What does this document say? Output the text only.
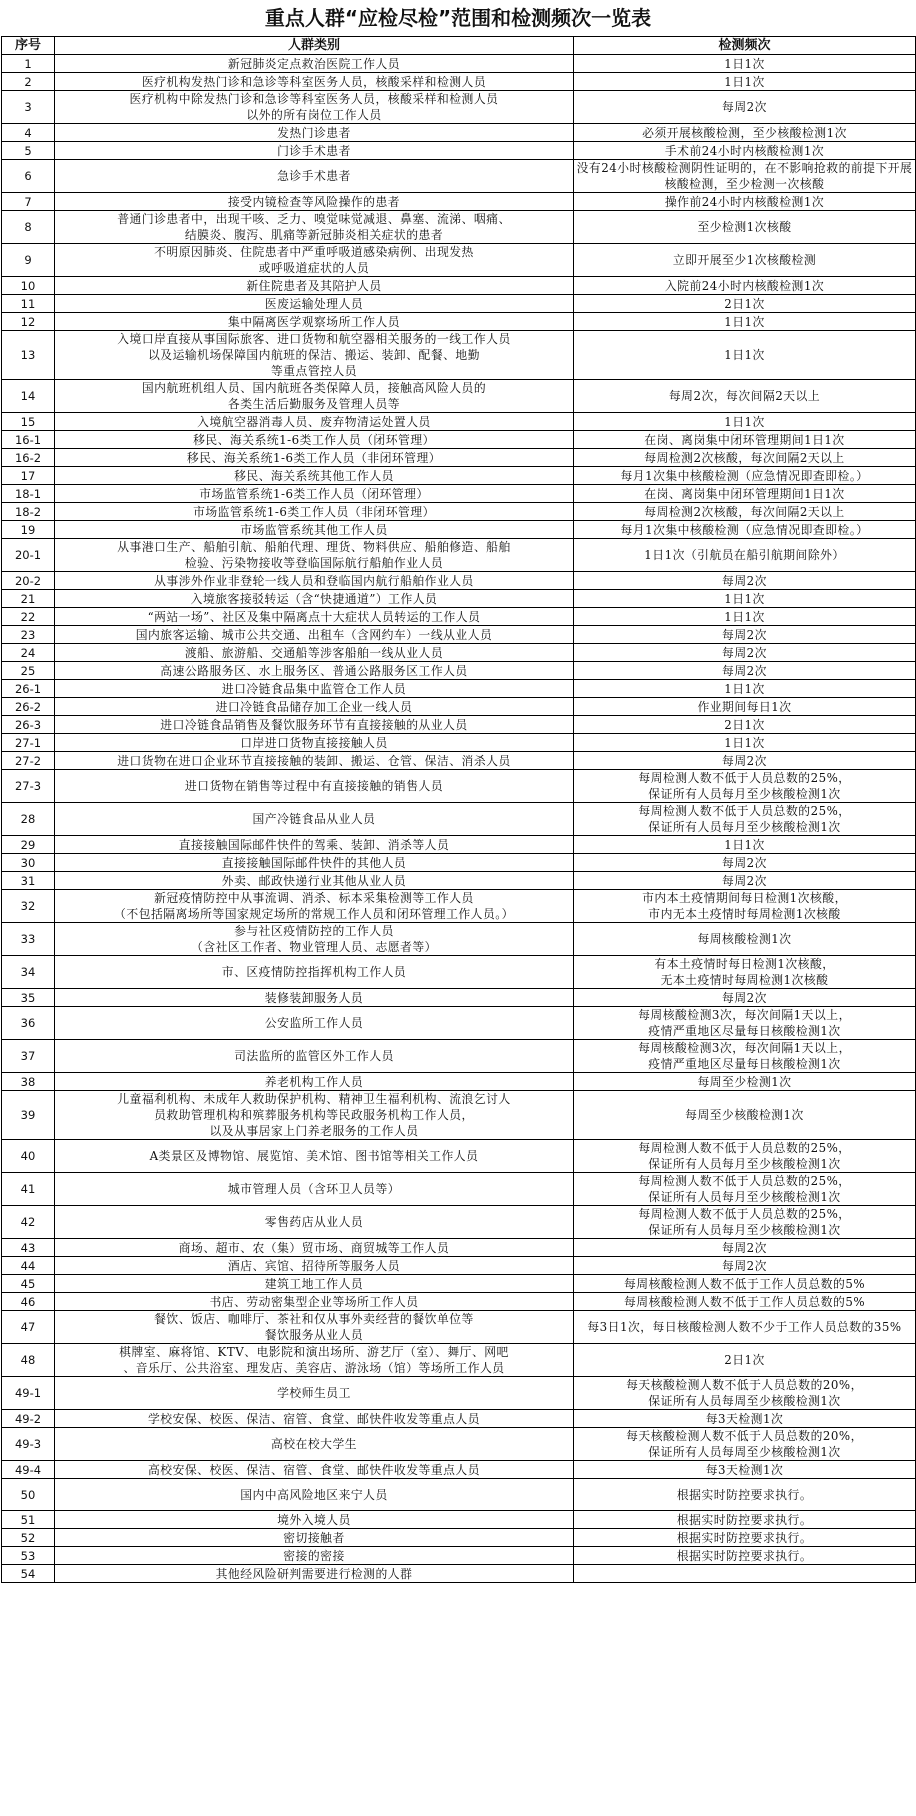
重点人群“应检尽检”范围和检测频次一览表
序号	人群类别	检测频次
1	新冠肺炎定点救治医院工作人员	1日1次
2	医疗机构发热门诊和急诊等科室医务人员，核酸采样和检测人员	1日1次
3	医疗机构中除发热门诊和急诊等科室医务人员，核酸采样和检测人员
以外的所有岗位工作人员	每周2次
4	发热门诊患者	必须开展核酸检测，至少核酸检测1次
5	门诊手术患者	手术前24小时内核酸检测1次
6	急诊手术患者	没有24小时核酸检测阴性证明的，在不影响抢救的前提下开展核酸检测，至少检测一次核酸
7	接受内镜检查等风险操作的患者	操作前24小时内核酸检测1次
8	普通门诊患者中，出现干咳、乏力、嗅觉味觉减退、鼻塞、流涕、咽痛、
结膜炎、腹泻、肌痛等新冠肺炎相关症状的患者	至少检测1次核酸
9	不明原因肺炎、住院患者中严重呼吸道感染病例、出现发热
或呼吸道症状的人员	立即开展至少1次核酸检测
10	新住院患者及其陪护人员	入院前24小时内核酸检测1次
11	医废运输处理人员	2日1次
12	集中隔离医学观察场所工作人员	1日1次
13	入境口岸直接从事国际旅客、进口货物和航空器相关服务的一线工作人员
以及运输机场保障国内航班的保洁、搬运、装卸、配餐、地勤
等重点管控人员	1日1次
14	国内航班机组人员、国内航班各类保障人员，接触高风险人员的
各类生活后勤服务及管理人员等	每周2次，每次间隔2天以上
15	入境航空器消毒人员、废弃物清运处置人员	1日1次
16-1	移民、海关系统1-6类工作人员（闭环管理）	在岗、离岗集中闭环管理期间1日1次
16-2	移民、海关系统1-6类工作人员（非闭环管理）	每周检测2次核酸，每次间隔2天以上
17	移民、海关系统其他工作人员	每月1次集中核酸检测（应急情况即查即检。）
18-1	市场监管系统1-6类工作人员（闭环管理）	在岗、离岗集中闭环管理期间1日1次
18-2	市场监管系统1-6类工作人员（非闭环管理）	每周检测2次核酸，每次间隔2天以上
19	市场监管系统其他工作人员	每月1次集中核酸检测（应急情况即查即检。）
20-1	从事港口生产、船舶引航、船舶代理、理货、物料供应、船舶修造、船舶
检验、污染物接收等登临国际航行船舶作业人员	1日1次（引航员在船引航期间除外）
20-2	从事涉外作业非登轮一线人员和登临国内航行船舶作业人员	每周2次
21	入境旅客接驳转运（含“快捷通道”）工作人员	1日1次
22	“两站一场”、社区及集中隔离点十大症状人员转运的工作人员	1日1次
23	国内旅客运输、城市公共交通、出租车（含网约车）一线从业人员	每周2次
24	渡船、旅游船、交通船等涉客船舶一线从业人员	每周2次
25	高速公路服务区、水上服务区、普通公路服务区工作人员	每周2次
26-1	进口冷链食品集中监管仓工作人员	1日1次
26-2	进口冷链食品储存加工企业一线人员	作业期间每日1次
26-3	进口冷链食品销售及餐饮服务环节有直接接触的从业人员	2日1次
27-1	口岸进口货物直接接触人员	1日1次
27-2	进口货物在进口企业环节直接接触的装卸、搬运、仓管、保洁、消杀人员	每周2次
27-3	进口货物在销售等过程中有直接接触的销售人员	每周检测人数不低于人员总数的25%，
保证所有人员每月至少核酸检测1次
28	国产冷链食品从业人员	每周检测人数不低于人员总数的25%，
保证所有人员每月至少核酸检测1次
29	直接接触国际邮件快件的驾乘、装卸、消杀等人员	1日1次
30	直接接触国际邮件快件的其他人员	每周2次
31	外卖、邮政快递行业其他从业人员	每周2次
32	新冠疫情防控中从事流调、消杀、标本采集检测等工作人员
（不包括隔离场所等国家规定场所的常规工作人员和闭环管理工作人员。）	市内本土疫情期间每日检测1次核酸，
市内无本土疫情时每周检测1次核酸
33	参与社区疫情防控的工作人员
（含社区工作者、物业管理人员、志愿者等）	每周核酸检测1次
34	市、区疫情防控指挥机构工作人员	有本土疫情时每日检测1次核酸，
无本土疫情时每周检测1次核酸
35	装修装卸服务人员	每周2次
36	公安监所工作人员	每周核酸检测3次，每次间隔1天以上，
疫情严重地区尽量每日核酸检测1次
37	司法监所的监管区外工作人员	每周核酸检测3次，每次间隔1天以上，
疫情严重地区尽量每日核酸检测1次
38	养老机构工作人员	每周至少检测1次
39	儿童福利机构、未成年人救助保护机构、精神卫生福利机构、流浪乞讨人
员救助管理机构和殡葬服务机构等民政服务机构工作人员，
以及从事居家上门养老服务的工作人员	每周至少核酸检测1次
40	A类景区及博物馆、展览馆、美术馆、图书馆等相关工作人员	每周检测人数不低于人员总数的25%，
保证所有人员每月至少核酸检测1次
41	城市管理人员（含环卫人员等）	每周检测人数不低于人员总数的25%，
保证所有人员每月至少核酸检测1次
42	零售药店从业人员	每周检测人数不低于人员总数的25%，
保证所有人员每月至少核酸检测1次
43	商场、超市、农（集）贸市场、商贸城等工作人员	每周2次
44	酒店、宾馆、招待所等服务人员	每周2次
45	建筑工地工作人员	每周核酸检测人数不低于工作人员总数的5%
46	书店、劳动密集型企业等场所工作人员	每周核酸检测人数不低于工作人员总数的5%
47	餐饮、饭店、咖啡厅、茶社和仅从事外卖经营的餐饮单位等
餐饮服务从业人员	每3日1次，每日核酸检测人数不少于工作人员总数的35%
48	棋牌室、麻将馆、KTV、电影院和演出场所、游艺厅（室）、舞厅、网吧
、音乐厅、公共浴室、理发店、美容店、游泳场（馆）等场所工作人员	2日1次
49-1	学校师生员工	每天核酸检测人数不低于人员总数的20%，
保证所有人员每周至少核酸检测1次
49-2	学校安保、校医、保洁、宿管、食堂、邮快件收发等重点人员	每3天检测1次
49-3	高校在校大学生	每天核酸检测人数不低于人员总数的20%，
保证所有人员每周至少核酸检测1次
49-4	高校安保、校医、保洁、宿管、食堂、邮快件收发等重点人员	每3天检测1次
50	国内中高风险地区来宁人员	根据实时防控要求执行。
51	境外入境人员	根据实时防控要求执行。
52	密切接触者	根据实时防控要求执行。
53	密接的密接	根据实时防控要求执行。
54	其他经风险研判需要进行检测的人群	
